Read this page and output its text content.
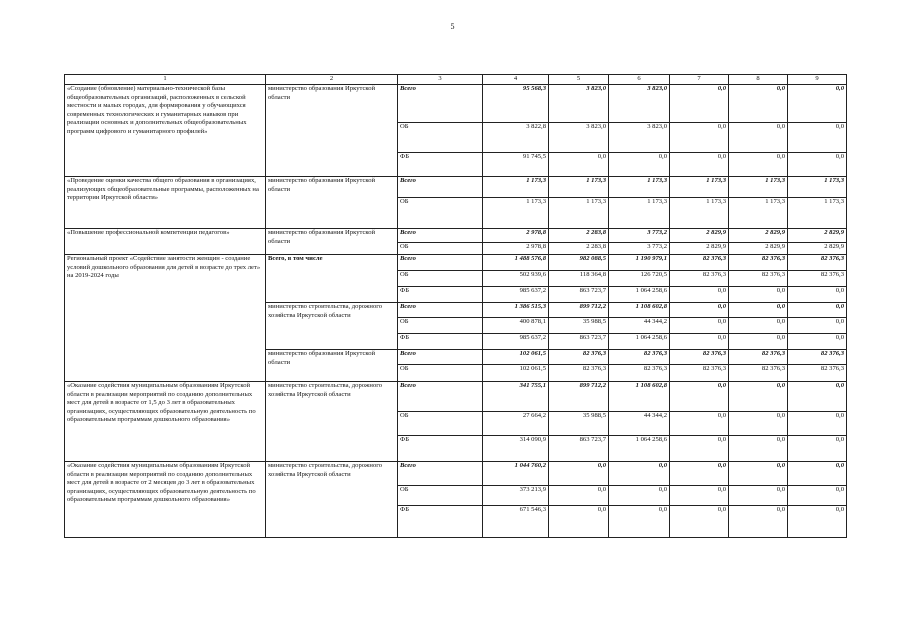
5
1	2	3	4	5	6	7	8	9
«Создание (обновление) материально-технической базы общеобразовательных организаций, расположенных в сельской местности и малых городах, для формирования у обучающихся современных технологических и гуманитарных навыков при реализации основных и дополнительных общеобразовательных программ цифрового и гуманитарного профилей»	министерство образования Иркутской области	Всего	95 568,3	3 823,0	3 823,0	0,0	0,0	0,0
		ОБ	3 822,8	3 823,0	3 823,0	0,0	0,0	0,0
		ФБ	91 745,5	0,0	0,0	0,0	0,0	0,0
«Проведение оценки качества общего образования в организациях, реализующих общеобразовательные программы, расположенных на территории Иркутской области»	министерство образования Иркутской области	Всего	1 173,3	1 173,3	1 173,3	1 173,3	1 173,3	1 173,3
		ОБ	1 173,3	1 173,3	1 173,3	1 173,3	1 173,3	1 173,3
«Повышение профессиональной компетенции педагогов»	министерство образования Иркутской области	Всего	2 978,8	2 283,8	3 773,2	2 829,9	2 829,9	2 829,9
		ОБ	2 978,8	2 283,8	3 773,2	2 829,9	2 829,9	2 829,9
Региональный проект «Содействие занятости женщин - создание условий дошкольного образования для детей в возрасте до трех лет» на 2019-2024 годы	Всего, в том числе	Всего	1 488 576,8	982 088,5	1 190 979,1	82 376,3	82 376,3	82 376,3
		ОБ	502 939,6	118 364,8	126 720,5	82 376,3	82 376,3	82 376,3
		ФБ	985 637,2	863 723,7	1 064 258,6	0,0	0,0	0,0
	министерство строительства, дорожного хозяйства Иркутской области	Всего	1 386 515,3	899 712,2	1 108 602,8	0,0	0,0	0,0
		ОБ	400 878,1	35 988,5	44 344,2	0,0	0,0	0,0
		ФБ	985 637,2	863 723,7	1 064 258,6	0,0	0,0	0,0
	министерство образования Иркутской области	Всего	102 061,5	82 376,3	82 376,3	82 376,3	82 376,3	82 376,3
		ОБ	102 061,5	82 376,3	82 376,3	82 376,3	82 376,3	82 376,3
«Оказание содействия муниципальным образованиям Иркутской области в реализации мероприятий по созданию дополнительных мест для детей в возрасте от 1,5 до 3 лет в образовательных организациях, осуществляющих образовательную деятельность по образовательным программам дошкольного образования»	министерство строительства, дорожного хозяйства Иркутской области	Всего	341 755,1	899 712,2	1 108 602,8	0,0	0,0	0,0
		ОБ	27 664,2	35 988,5	44 344,2	0,0	0,0	0,0
		ФБ	314 090,9	863 723,7	1 064 258,6	0,0	0,0	0,0
«Оказание содействия муниципальным образованиям Иркутской области в реализации мероприятий по созданию дополнительных мест для детей в возрасте от 2 месяцев до 3 лет в образовательных организациях, осуществляющих образовательную деятельность по образовательным программам дошкольного образования»	министерство строительства, дорожного хозяйства Иркутской области	Всего	1 044 760,2	0,0	0,0	0,0	0,0	0,0
		ОБ	373 213,9	0,0	0,0	0,0	0,0	0,0
		ФБ	671 546,3	0,0	0,0	0,0	0,0	0,0
